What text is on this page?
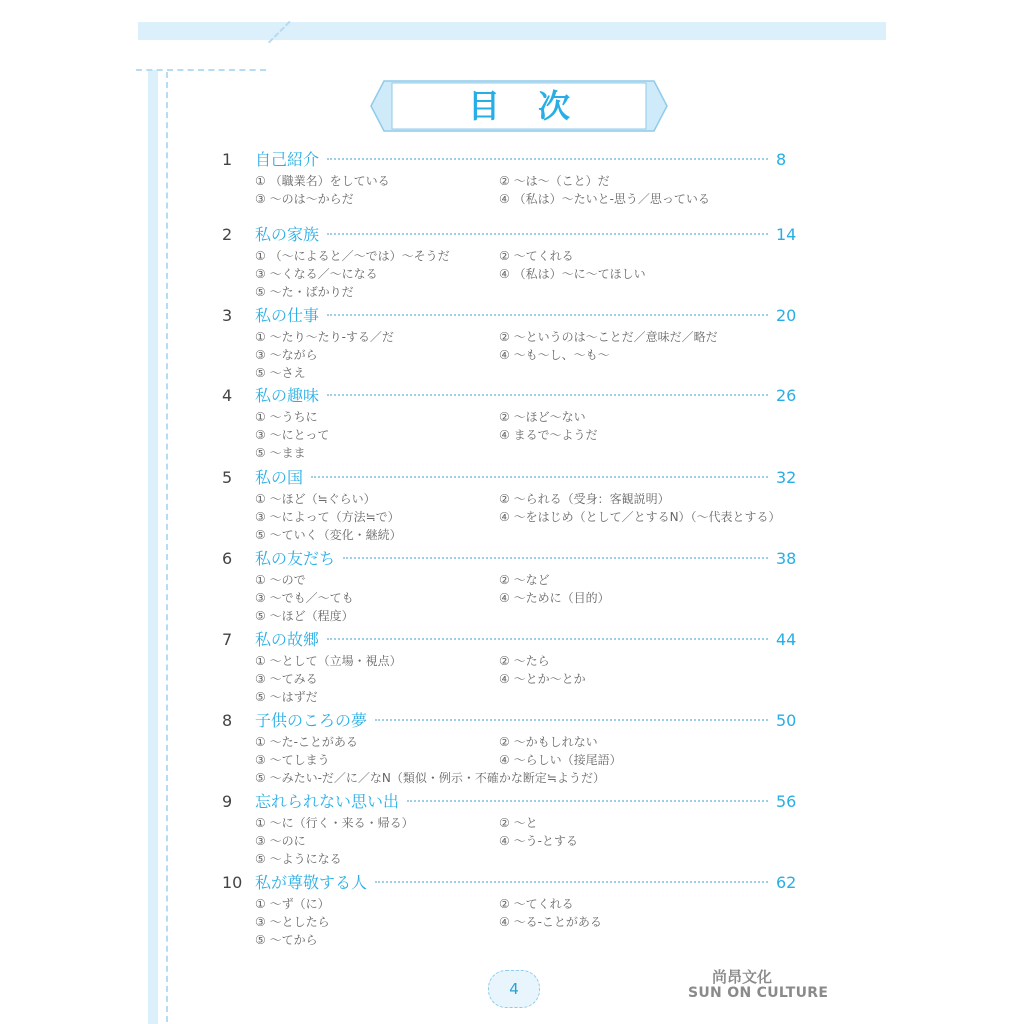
目次
1 自己紹介	8
① （職業名）をしている	② ～は～（こと）だ
③ ～のは～からだ	④ （私は）～たいと-思う／思っている
2 私の家族	14
① （～によると／～では）～そうだ	② ～てくれる
③ ～くなる／～になる	④ （私は）～に～てほしい
⑤ ～た・ばかりだ
3 私の仕事	20
① ～たり～たり-する／だ	② ～というのは～ことだ／意味だ／略だ
③ ～ながら	④ ～も～し、～も～
⑤ ～さえ
4 私の趣味	26
① ～うちに	② ～ほど～ない
③ ～にとって	④ まるで～ようだ
⑤ ～まま
5 私の国	32
① ～ほど（≒ぐらい）	② ～られる（受身：客観説明）
③ ～によって（方法≒で）	④ ～をはじめ（として／とするN）（～代表とする）
⑤ ～ていく（変化・継続）
6 私の友だち	38
① ～ので	② ～など
③ ～でも／～ても	④ ～ために（目的）
⑤ ～ほど（程度）
7 私の故郷	44
① ～として（立場・視点）	② ～たら
③ ～てみる	④ ～とか～とか
⑤ ～はずだ
8 子供のころの夢	50
① ～た-ことがある	② ～かもしれない
③ ～てしまう	④ ～らしい（接尾語）
⑤ ～みたい-だ／に／なN（類似・例示・不確かな断定≒ようだ）
9 忘れられない思い出	56
① ～に（行く・来る・帰る）	② ～と
③ ～のに	④ ～う-とする
⑤ ～ようになる
10 私が尊敬する人	62
① ～ず（に）	② ～てくれる
③ ～としたら	④ ～る-ことがある
⑤ ～てから
4
尚昂文化
SUN ON CULTURE
